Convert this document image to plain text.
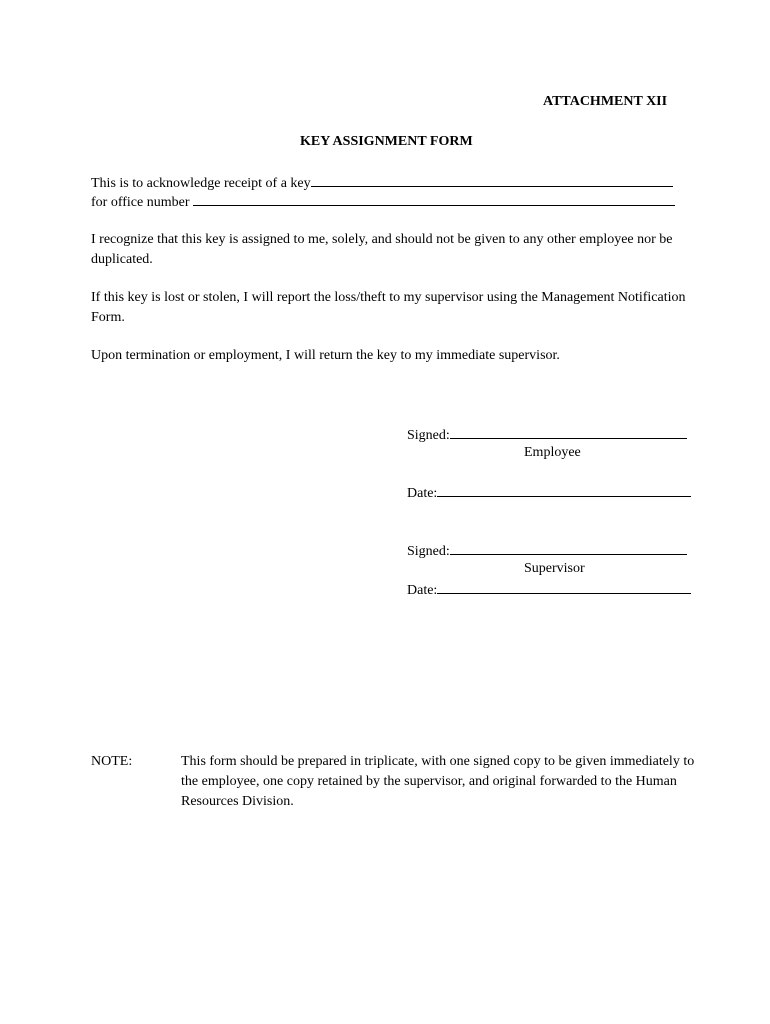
ATTACHMENT XII
KEY ASSIGNMENT FORM
This is to acknowledge receipt of a key
for office number
I recognize that this key is assigned to me, solely, and should not be given to any other employee nor be duplicated.
If this key is lost or stolen, I will report the loss/theft to my supervisor using the Management Notification Form.
Upon termination or employment, I will return the key to my immediate supervisor.
Signed:
Employee
Date:
Signed:
Supervisor
Date:
NOTE:	This form should be prepared in triplicate, with one signed copy to be given immediately to the employee, one copy retained by the supervisor, and original forwarded to the Human Resources Division.
